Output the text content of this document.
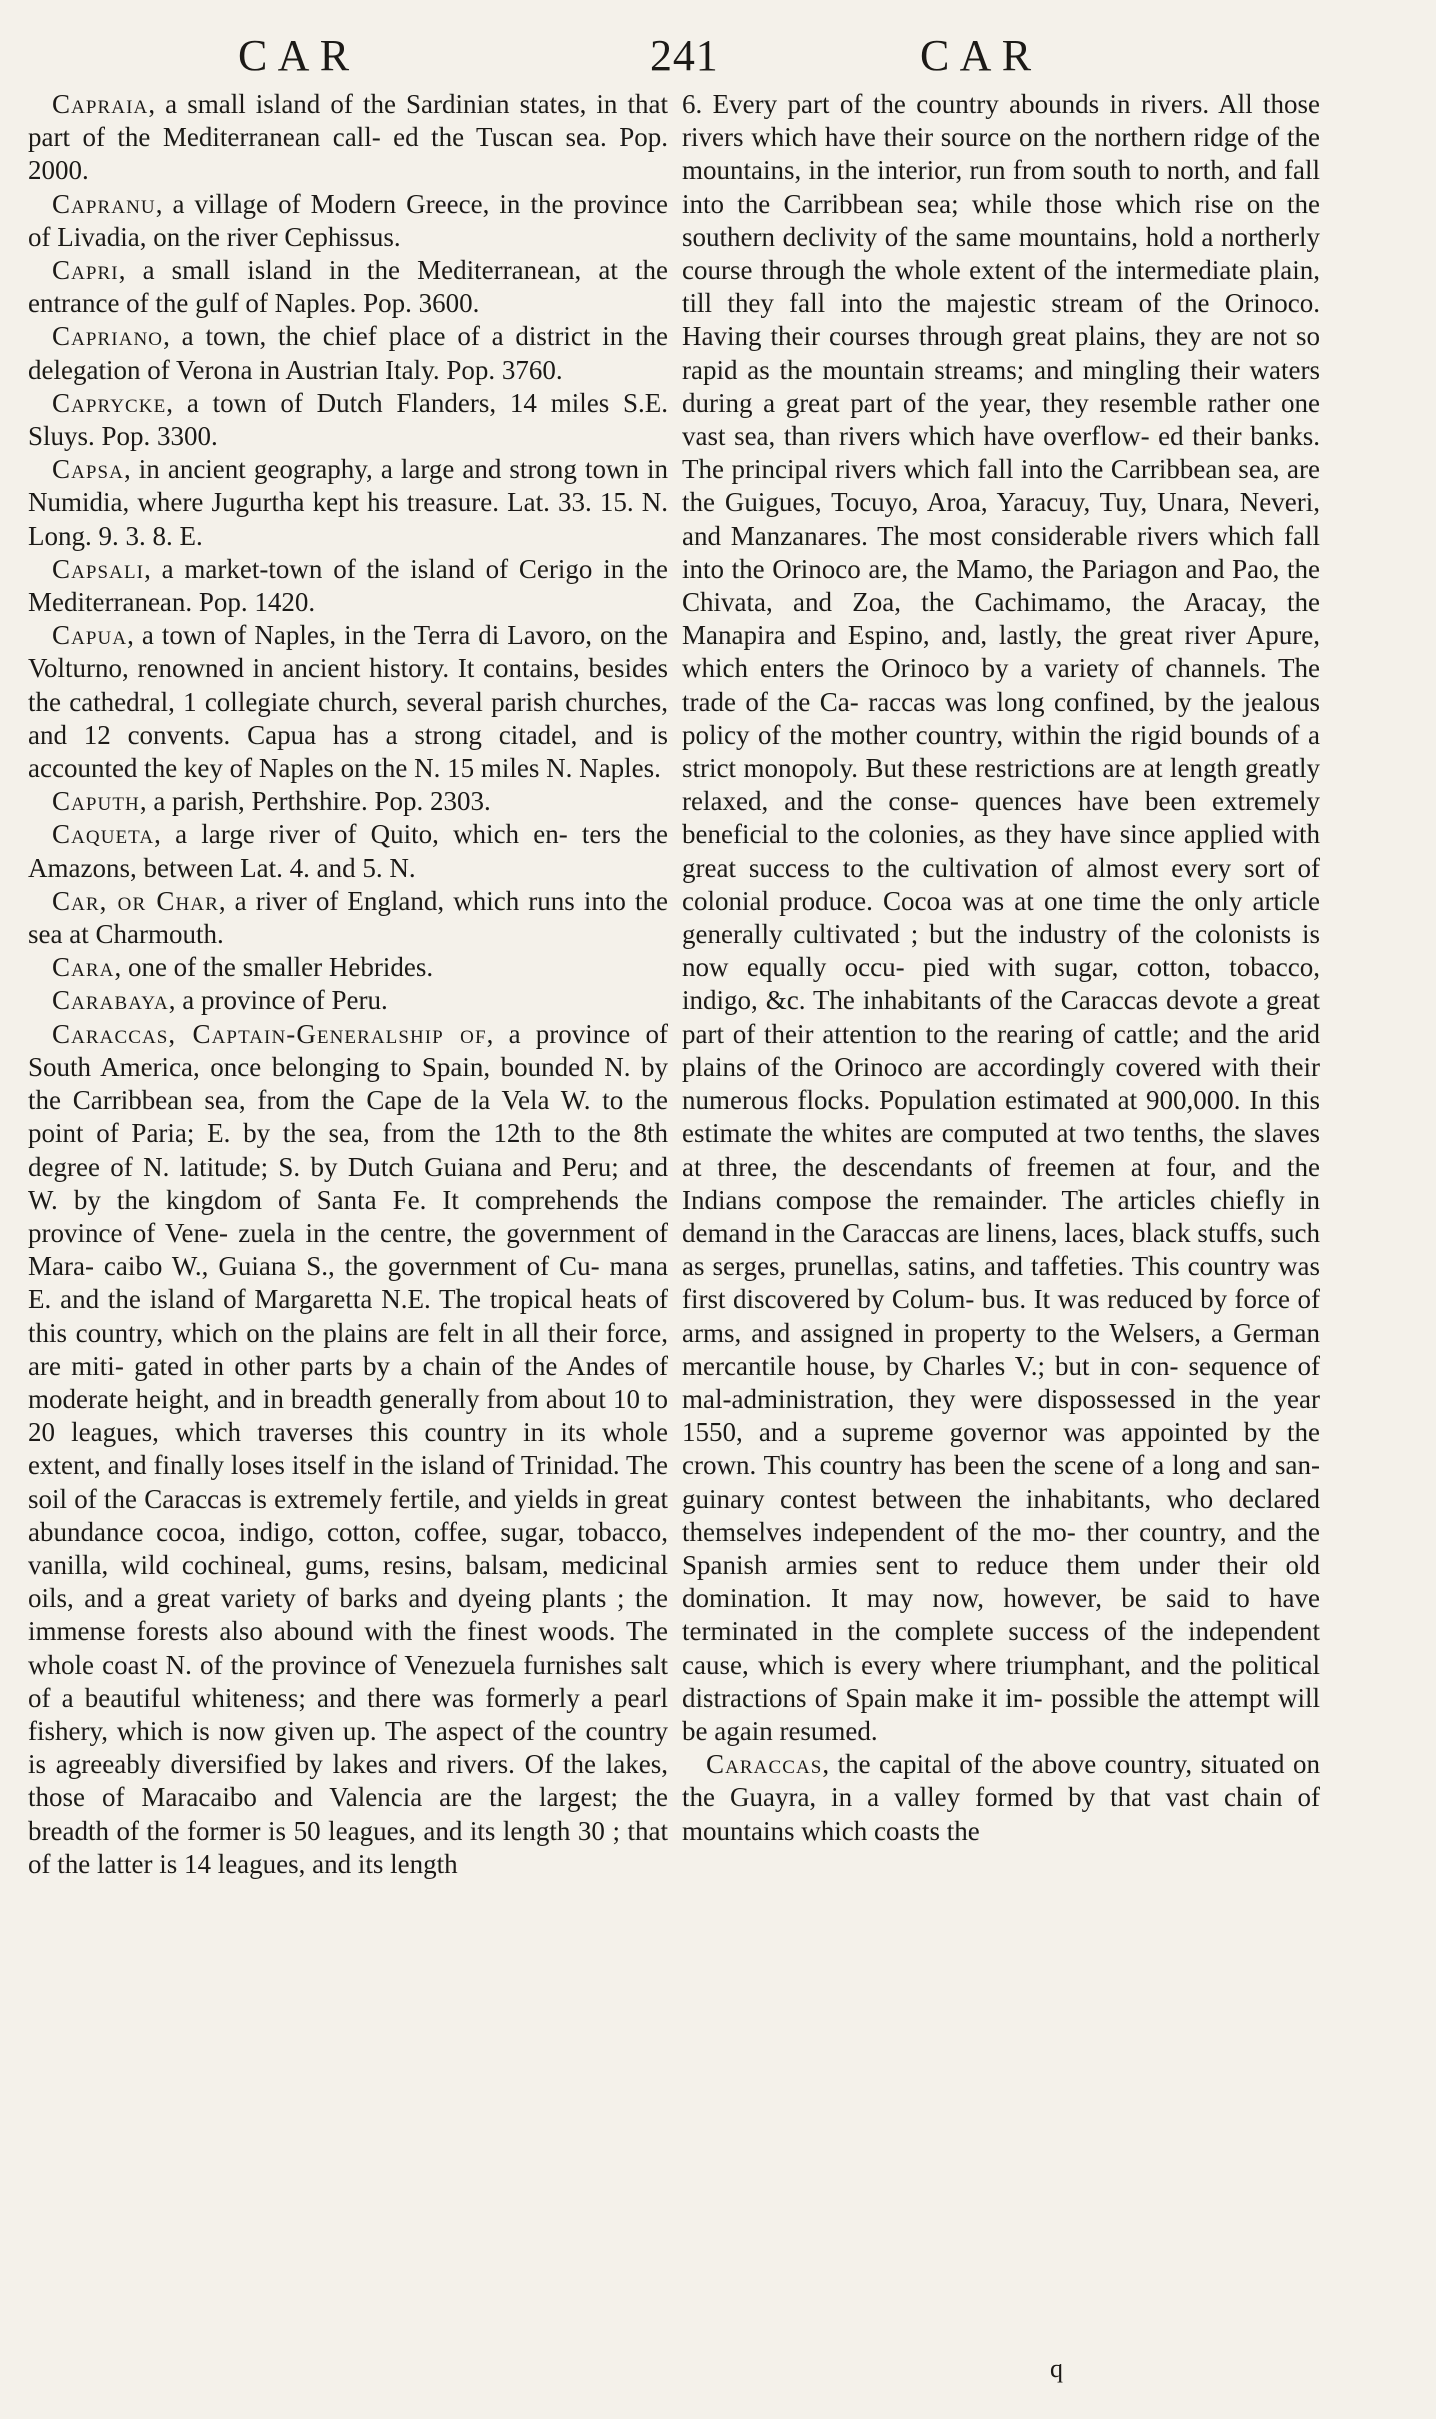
C A R	241	C A R

Capraia, a small island of the Sardinian states, in that part of the Mediterranean call- ed the Tuscan sea. Pop. 2000.

Capranu, a village of Modern Greece, in the province of Livadia, on the river Cephissus.

Capri, a small island in the Mediterranean, at the entrance of the gulf of Naples. Pop. 3600.

Capriano, a town, the chief place of a district in the delegation of Verona in Austrian Italy. Pop. 3760.

Caprycke, a town of Dutch Flanders, 14 miles S.E. Sluys. Pop. 3300.

Capsa, in ancient geography, a large and strong town in Numidia, where Jugurtha kept his treasure. Lat. 33. 15. N. Long. 9. 3. 8. E.

Capsali, a market-town of the island of Cerigo in the Mediterranean. Pop. 1420.

Capua, a town of Naples, in the Terra di Lavoro, on the Volturno, renowned in ancient history. It contains, besides the cathedral, 1 collegiate church, several parish churches, and 12 convents. Capua has a strong citadel, and is accounted the key of Naples on the N. 15 miles N. Naples.

Caputh, a parish, Perthshire. Pop. 2303.

Caqueta, a large river of Quito, which en- ters the Amazons, between Lat. 4. and 5. N.

Car, or Char, a river of England, which runs into the sea at Charmouth.

Cara, one of the smaller Hebrides.

Carabaya, a province of Peru.

Caraccas, Captain-Generalship of, a province of South America, once belonging to Spain, bounded N. by the Carribbean sea, from the Cape de la Vela W. to the point of Paria; E. by the sea, from the 12th to the 8th degree of N. latitude; S. by Dutch Guiana and Peru; and W. by the kingdom of Santa Fe. It comprehends the province of Vene- zuela in the centre, the government of Mara- caibo W., Guiana S., the government of Cu- mana E. and the island of Margaretta N.E. The tropical heats of this country, which on the plains are felt in all their force, are miti- gated in other parts by a chain of the Andes of moderate height, and in breadth generally from about 10 to 20 leagues, which traverses this country in its whole extent, and finally loses itself in the island of Trinidad. The soil of the Caraccas is extremely fertile, and yields in great abundance cocoa, indigo, cotton, coffee, sugar, tobacco, vanilla, wild cochineal, gums, resins, balsam, medicinal oils, and a great variety of barks and dyeing plants ; the immense forests also abound with the finest woods. The whole coast N. of the province of Venezuela furnishes salt of a beautiful whiteness; and there was formerly a pearl fishery, which is now given up. The aspect of the country is agreeably diversified by lakes and rivers. Of the lakes, those of Maracaibo and Valencia are the largest; the breadth of the former is 50 leagues, and its length 30 ; that of the latter is 14 leagues, and its length

6. Every part of the country abounds in rivers. All those rivers which have their source on the northern ridge of the mountains, in the interior, run from south to north, and fall into the Carribbean sea; while those which rise on the southern declivity of the same mountains, hold a northerly course through the whole extent of the intermediate plain, till they fall into the majestic stream of the Orinoco. Having their courses through great plains, they are not so rapid as the mountain streams; and mingling their waters during a great part of the year, they resemble rather one vast sea, than rivers which have overflow- ed their banks. The principal rivers which fall into the Carribbean sea, are the Guigues, Tocuyo, Aroa, Yaracuy, Tuy, Unara, Neveri, and Manzanares. The most considerable rivers which fall into the Orinoco are, the Mamo, the Pariagon and Pao, the Chivata, and Zoa, the Cachimamo, the Aracay, the Manapira and Espino, and, lastly, the great river Apure, which enters the Orinoco by a variety of channels. The trade of the Ca- raccas was long confined, by the jealous policy of the mother country, within the rigid bounds of a strict monopoly. But these restrictions are at length greatly relaxed, and the conse- quences have been extremely beneficial to the colonies, as they have since applied with great success to the cultivation of almost every sort of colonial produce. Cocoa was at one time the only article generally cultivated ; but the industry of the colonists is now equally occu- pied with sugar, cotton, tobacco, indigo, &c. The inhabitants of the Caraccas devote a great part of their attention to the rearing of cattle; and the arid plains of the Orinoco are accordingly covered with their numerous flocks. Population estimated at 900,000. In this estimate the whites are computed at two tenths, the slaves at three, the descendants of freemen at four, and the Indians compose the remainder. The articles chiefly in demand in the Caraccas are linens, laces, black stuffs, such as serges, prunellas, satins, and taffeties. This country was first discovered by Colum- bus. It was reduced by force of arms, and assigned in property to the Welsers, a German mercantile house, by Charles V.; but in con- sequence of mal-administration, they were dispossessed in the year 1550, and a supreme governor was appointed by the crown. This country has been the scene of a long and san- guinary contest between the inhabitants, who declared themselves independent of the mo- ther country, and the Spanish armies sent to reduce them under their old domination. It may now, however, be said to have terminated in the complete success of the independent cause, which is every where triumphant, and the political distractions of Spain make it im- possible the attempt will be again resumed.

Caraccas, the capital of the above country, situated on the Guayra, in a valley formed by that vast chain of mountains which coasts the

q
